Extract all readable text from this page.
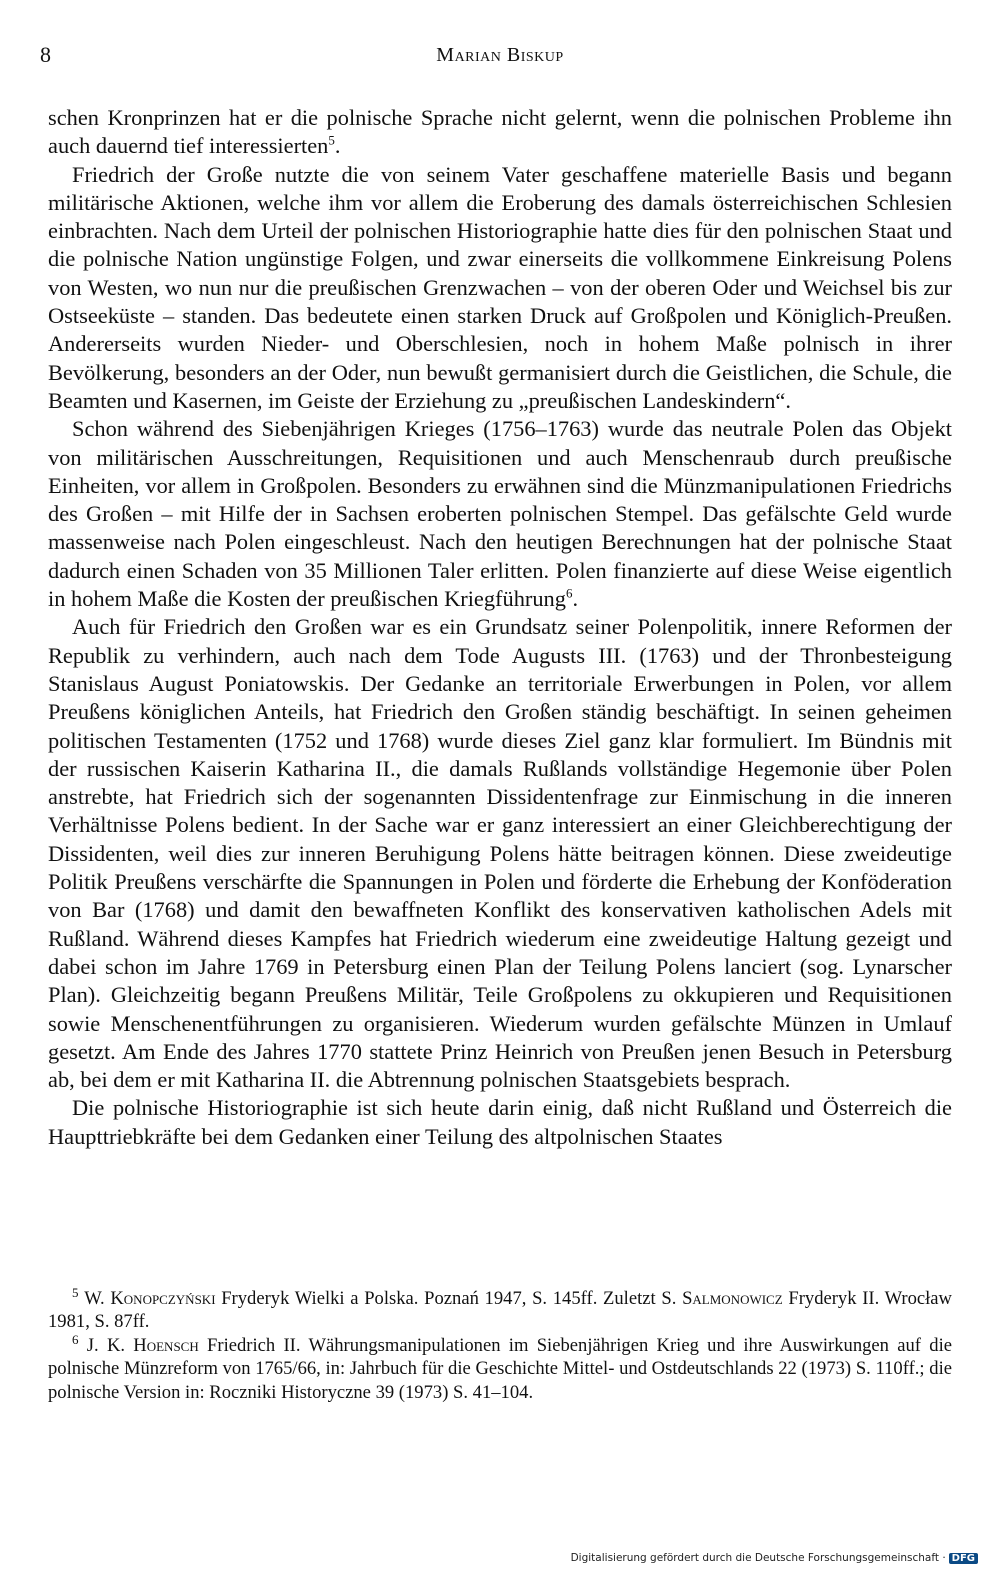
8	Marian Biskup

schen Kronprinzen hat er die polnische Sprache nicht gelernt, wenn die polnischen Probleme ihn auch dauernd tief interessierten$^5$.

Friedrich der Große nutzte die von seinem Vater geschaffene materielle Basis und begann militärische Aktionen, welche ihm vor allem die Eroberung des damals österreichischen Schlesien einbrachten. Nach dem Urteil der polnischen Historiographie hatte dies für den polnischen Staat und die polnische Nation ungünstige Folgen, und zwar einerseits die vollkommene Einkreisung Polens von Westen, wo nun nur die preußischen Grenzwachen – von der oberen Oder und Weichsel bis zur Ostseeküste – standen. Das bedeutete einen starken Druck auf Großpolen und Königlich-Preußen. Andererseits wurden Nieder- und Oberschlesien, noch in hohem Maße polnisch in ihrer Bevölkerung, besonders an der Oder, nun bewußt germanisiert durch die Geistlichen, die Schule, die Beamten und Kasernen, im Geiste der Erziehung zu „preußischen Landeskindern“.

Schon während des Siebenjährigen Krieges (1756–1763) wurde das neutrale Polen das Objekt von militärischen Ausschreitungen, Requisitionen und auch Menschenraub durch preußische Einheiten, vor allem in Großpolen. Besonders zu erwähnen sind die Münzmanipulationen Friedrichs des Großen – mit Hilfe der in Sachsen eroberten polnischen Stempel. Das gefälschte Geld wurde massenweise nach Polen eingeschleust. Nach den heutigen Berechnungen hat der polnische Staat dadurch einen Schaden von 35 Millionen Taler erlitten. Polen finanzierte auf diese Weise eigentlich in hohem Maße die Kosten der preußischen Kriegführung$^6$.

Auch für Friedrich den Großen war es ein Grundsatz seiner Polenpolitik, innere Reformen der Republik zu verhindern, auch nach dem Tode Augusts III. (1763) und der Thronbesteigung Stanislaus August Poniatowskis. Der Gedanke an territoriale Erwerbungen in Polen, vor allem Preußens königlichen Anteils, hat Friedrich den Großen ständig beschäftigt. In seinen geheimen politischen Testamenten (1752 und 1768) wurde dieses Ziel ganz klar formuliert. Im Bündnis mit der russischen Kaiserin Katharina II., die damals Rußlands vollständige Hegemonie über Polen anstrebte, hat Friedrich sich der sogenannten Dissidentenfrage zur Einmischung in die inneren Verhältnisse Polens bedient. In der Sache war er ganz interessiert an einer Gleichberechtigung der Dissidenten, weil dies zur inneren Beruhigung Polens hätte beitragen können. Diese zweideutige Politik Preußens verschärfte die Spannungen in Polen und förderte die Erhebung der Konföderation von Bar (1768) und damit den bewaffneten Konflikt des konservativen katholischen Adels mit Rußland. Während dieses Kampfes hat Friedrich wiederum eine zweideutige Haltung gezeigt und dabei schon im Jahre 1769 in Petersburg einen Plan der Teilung Polens lanciert (sog. Lynarscher Plan). Gleichzeitig begann Preußens Militär, Teile Großpolens zu okkupieren und Requisitionen sowie Menschenentführungen zu organisieren. Wiederum wurden gefälschte Münzen in Umlauf gesetzt. Am Ende des Jahres 1770 stattete Prinz Heinrich von Preußen jenen Besuch in Petersburg ab, bei dem er mit Katharina II. die Abtrennung polnischen Staatsgebiets besprach.

Die polnische Historiographie ist sich heute darin einig, daß nicht Rußland und Österreich die Haupttriebkräfte bei dem Gedanken einer Teilung des altpolnischen Staates

$^5$ W. Konopczyński Fryderyk Wielki a Polska. Poznań 1947, S. 145ff. Zuletzt S. Salmonowicz Fryderyk II. Wrocław 1981, S. 87ff.

$^6$ J. K. Hoensch Friedrich II. Währungsmanipulationen im Siebenjährigen Krieg und ihre Auswirkungen auf die polnische Münzreform von 1765/66, in: Jahrbuch für die Geschichte Mittel- und Ostdeutschlands 22 (1973) S. 110ff.; die polnische Version in: Roczniki Historyczne 39 (1973) S. 41–104.

Digitalisierung gefördert durch die Deutsche Forschungsgemeinschaft · DFG
